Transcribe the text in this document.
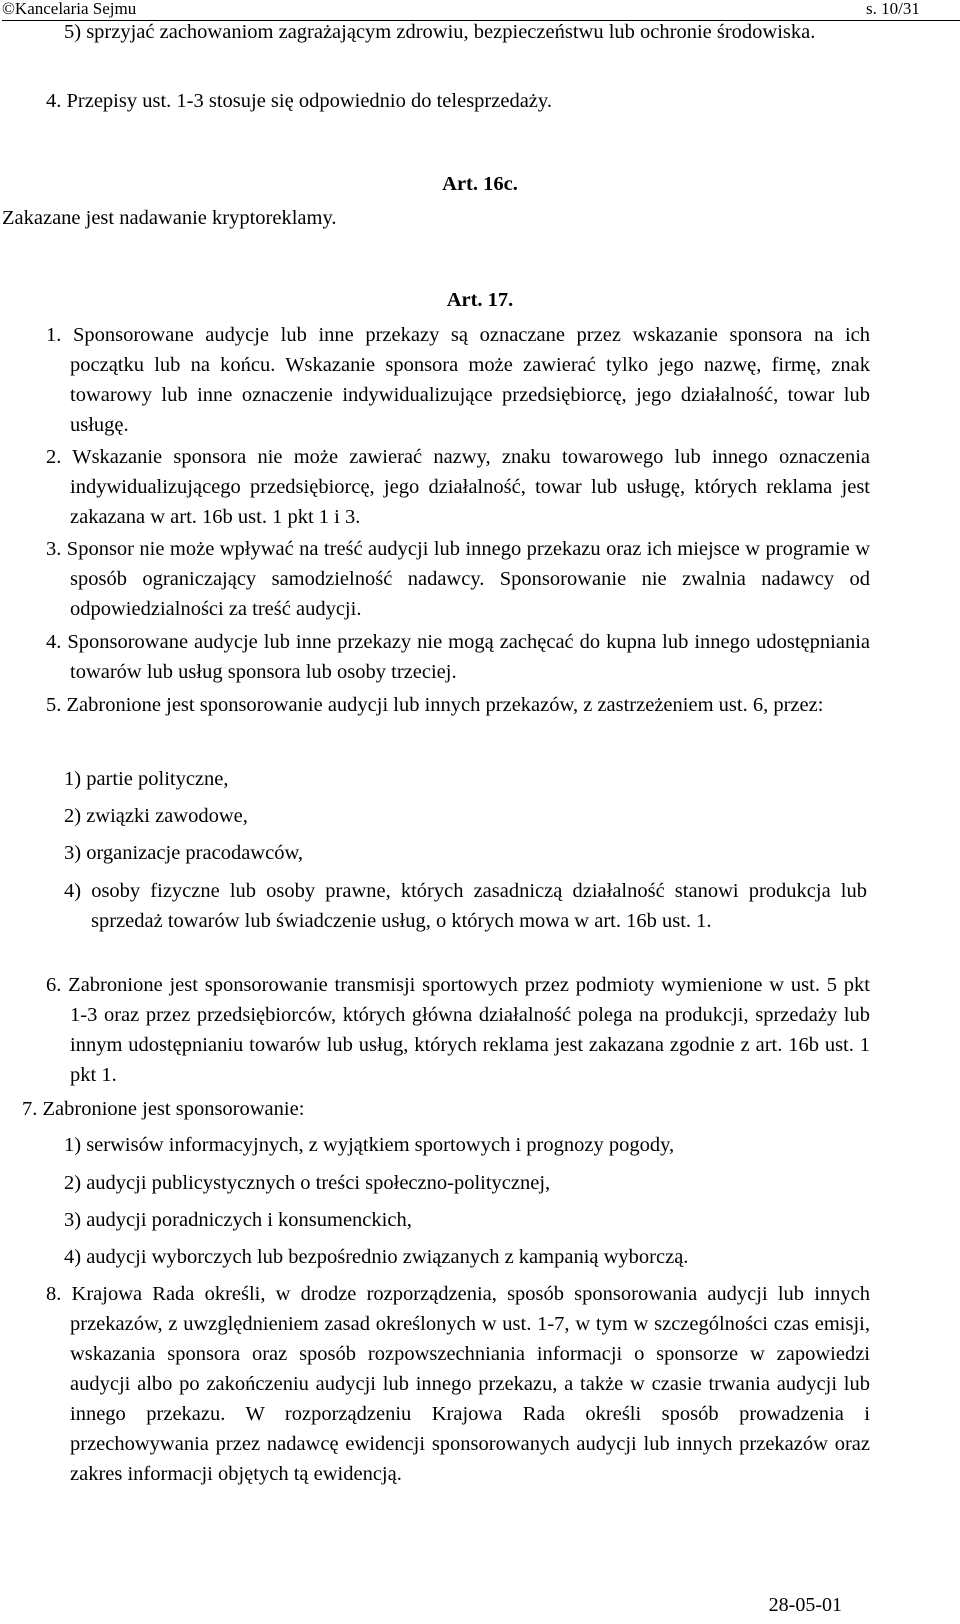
©Kancelaria Sejmu	s. 10/31
5) sprzyjać zachowaniom zagrażającym zdrowiu, bezpieczeństwu lub ochronie środowiska.
4. Przepisy ust. 1-3 stosuje się odpowiednio do telesprzedaży.
Art. 16c.
Zakazane jest nadawanie kryptoreklamy.
Art. 17.
1. Sponsorowane audycje lub inne przekazy są oznaczane przez wskazanie sponsora na ich początku lub na końcu. Wskazanie sponsora może zawierać tylko jego nazwę, firmę, znak towarowy lub inne oznaczenie indywidualizujące przedsiębiorcę, jego działalność, towar lub usługę.
2. Wskazanie sponsora nie może zawierać nazwy, znaku towarowego lub innego oznaczenia indywidualizującego przedsiębiorcę, jego działalność, towar lub usługę, których reklama jest zakazana w art. 16b ust. 1 pkt 1 i 3.
3. Sponsor nie może wpływać na treść audycji lub innego przekazu oraz ich miejsce w programie w sposób ograniczający samodzielność nadawcy. Sponsorowanie nie zwalnia nadawcy od odpowiedzialności za treść audycji.
4. Sponsorowane audycje lub inne przekazy nie mogą zachęcać do kupna lub innego udostępniania towarów lub usług sponsora lub osoby trzeciej.
5. Zabronione jest sponsorowanie audycji lub innych przekazów, z zastrzeżeniem ust. 6, przez:
1) partie polityczne,
2) związki zawodowe,
3) organizacje pracodawców,
4) osoby fizyczne lub osoby prawne, których zasadniczą działalność stanowi produkcja lub sprzedaż towarów lub świadczenie usług, o których mowa w art. 16b ust. 1.
6. Zabronione jest sponsorowanie transmisji sportowych przez podmioty wymienione w ust. 5 pkt 1-3 oraz przez przedsiębiorców, których główna działalność polega na produkcji, sprzedaży lub innym udostępnianiu towarów lub usług, których reklama jest zakazana zgodnie z art. 16b ust. 1 pkt 1.
7. Zabronione jest sponsorowanie:
1) serwisów informacyjnych, z wyjątkiem sportowych i prognozy pogody,
2) audycji publicystycznych o treści społeczno-politycznej,
3) audycji poradniczych i konsumenckich,
4) audycji wyborczych lub bezpośrednio związanych z kampanią wyborczą.
8. Krajowa Rada określi, w drodze rozporządzenia, sposób sponsorowania audycji lub innych przekazów, z uwzględnieniem zasad określonych w ust. 1-7, w tym w szczególności czas emisji, wskazania sponsora oraz sposób rozpowszechniania informacji o sponsorze w zapowiedzi audycji albo po zakończeniu audycji lub innego przekazu, a także w czasie trwania audycji lub innego przekazu. W rozporządzeniu Krajowa Rada określi sposób prowadzenia i przechowywania przez nadawcę ewidencji sponsorowanych audycji lub innych przekazów oraz zakres informacji objętych tą ewidencją.
28-05-01
